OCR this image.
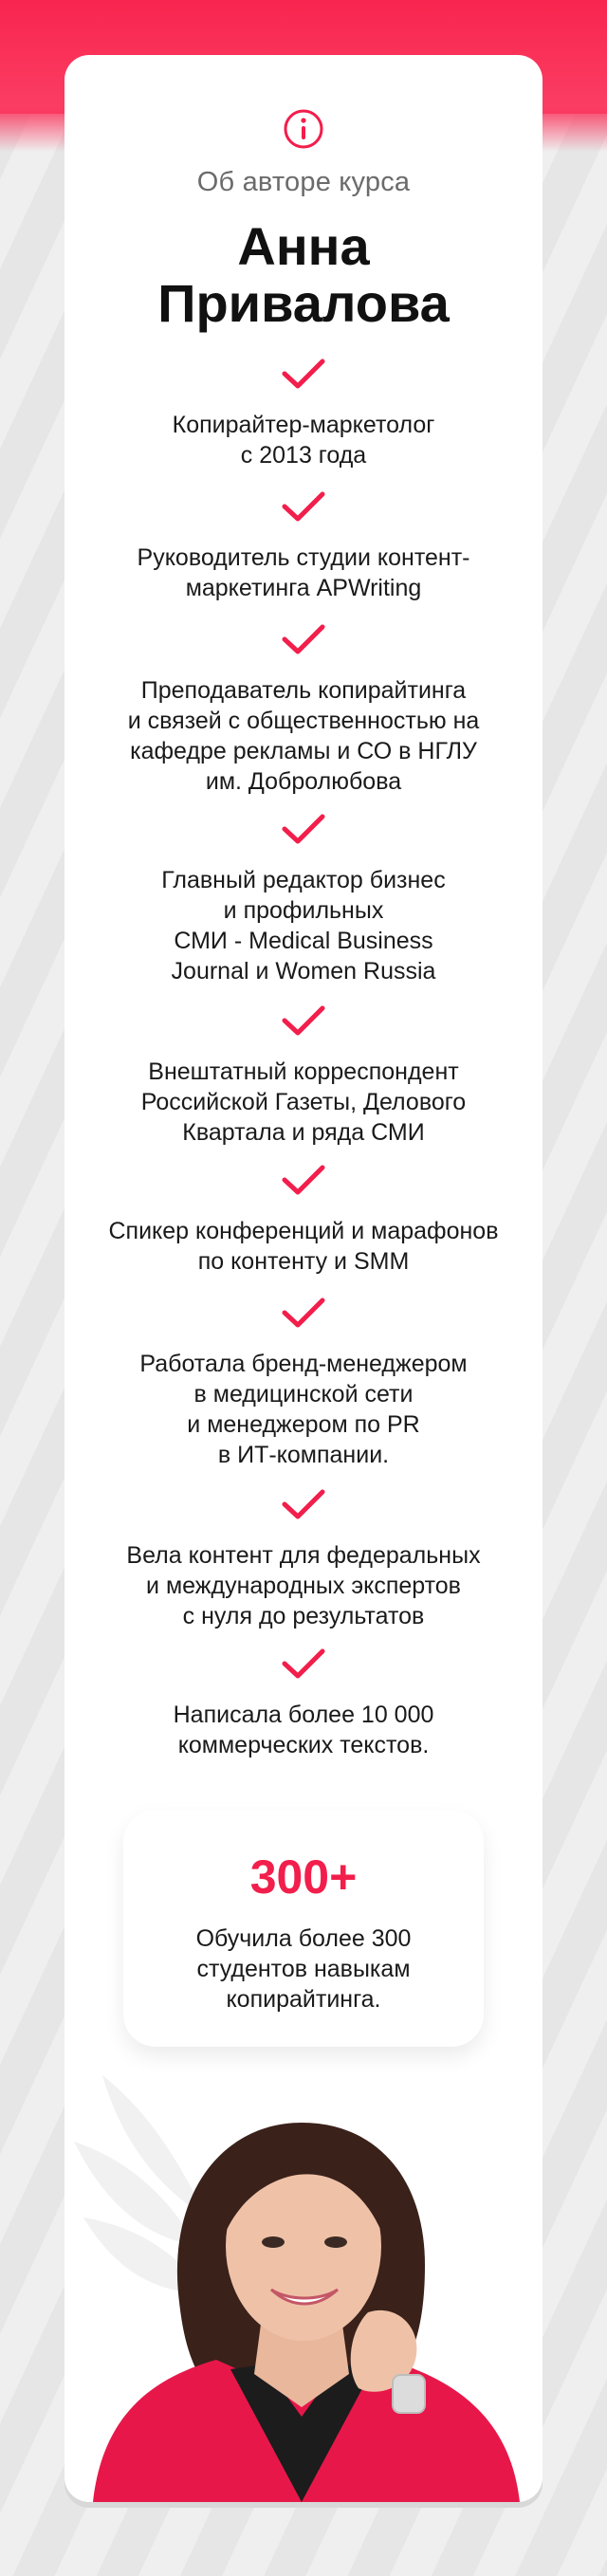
Об авторе курса
Анна
Привалова
Копирайтер-маркетолог
с 2013 года
Руководитель студии контент-
маркетинга APWriting
Преподаватель копирайтинга
и связей с общественностью на
кафедре рекламы и СО в НГЛУ
им. Добролюбова
Главный редактор бизнес
и профильных
СМИ - Medical Business
Journal и Women Russia
Внештатный корреспондент
Российской Газеты, Делового
Квартала и ряда СМИ
Спикер конференций и марафонов
по контенту и SMM
Работала бренд-менеджером
в медицинской сети
и менеджером по PR
в ИТ-компании.
Вела контент для федеральных
и международных экспертов
с нуля до результатов
Написала более 10 000
коммерческих текстов.
300+
Обучила более 300
студентов навыкам
копирайтинга.
